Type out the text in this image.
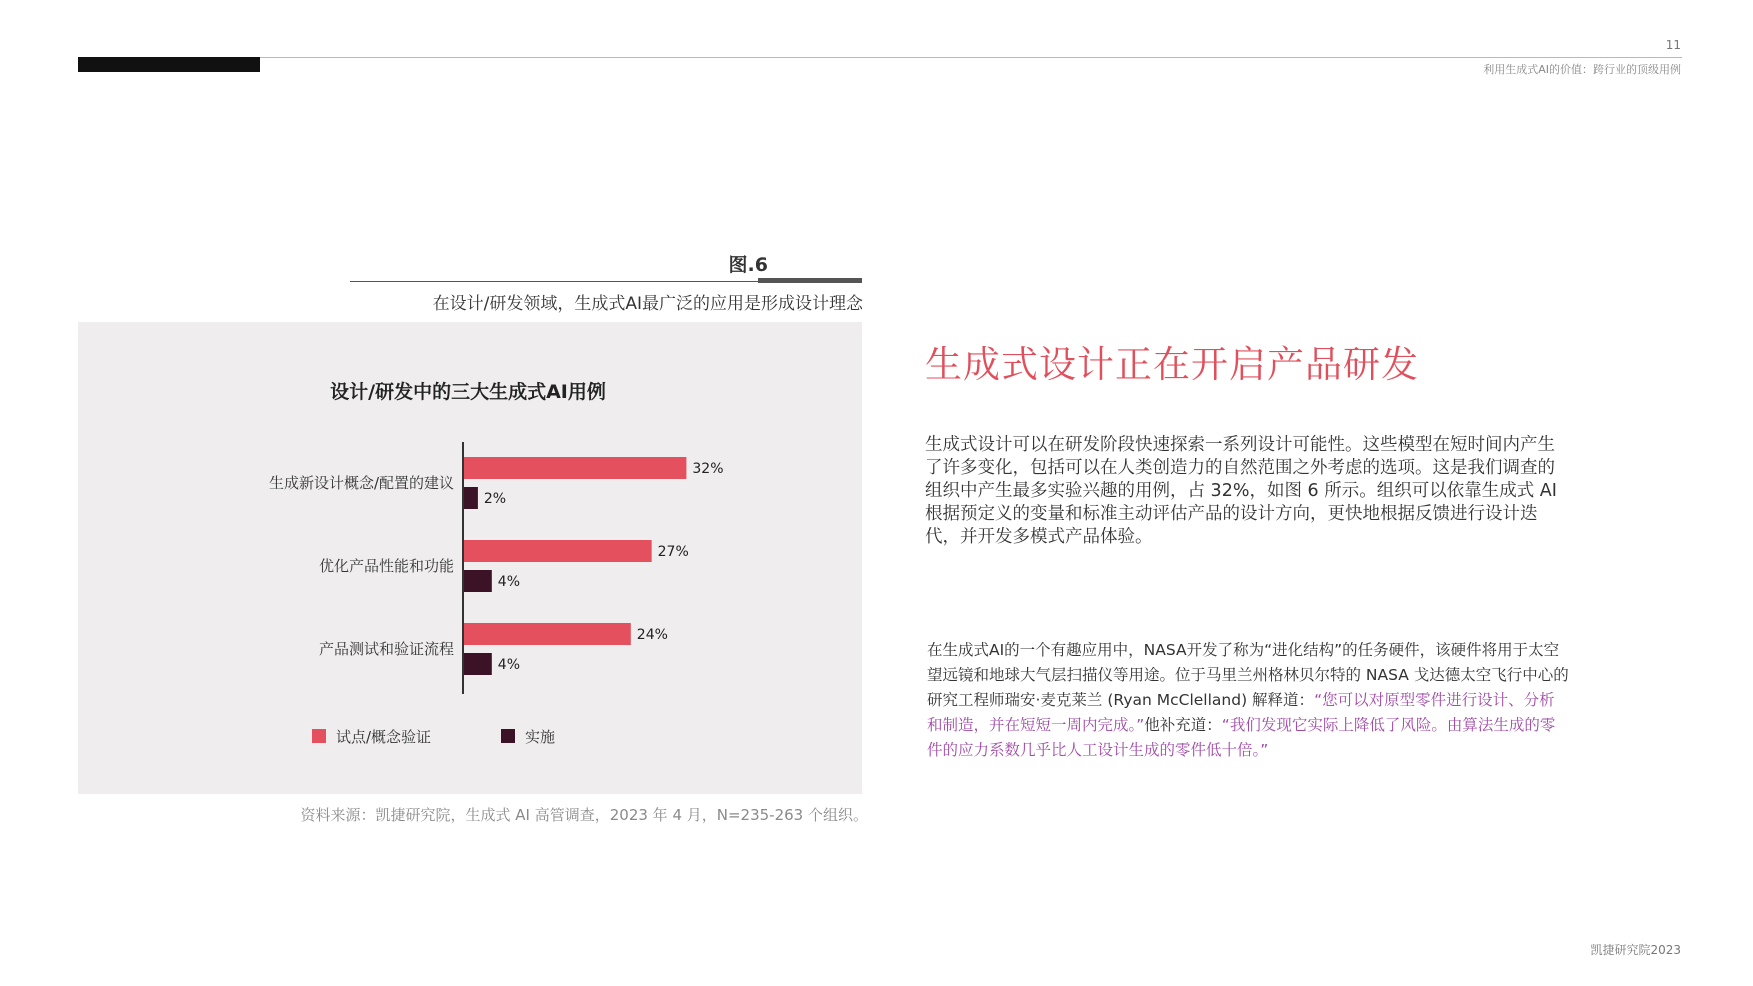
11
利用生成式AI的价值：跨行业的顶级用例
图.6
在设计/研发领域，生成式AI最广泛的应用是形成设计理念
设计/研发中的三大生成式AI用例
生成新设计概念/配置的建议
32%
2%
优化产品性能和功能
27%
4%
产品测试和验证流程
24%
4%
试点/概念验证	实施
资料来源：凯捷研究院，生成式 AI 高管调查，2023 年 4 月，N=235-263 个组织。
生成式设计正在开启产品研发
生成式设计可以在研发阶段快速探索一系列设计可能性。这些模型在短时间内产生了许多变化，包括可以在人类创造力的自然范围之外考虑的选项。这是我们调查的组织中产生最多实验兴趣的用例，占 32%，如图 6 所示。组织可以依靠生成式 AI 根据预定义的变量和标准主动评估产品的设计方向，更快地根据反馈进行设计迭代，并开发多模式产品体验。
在生成式AI的一个有趣应用中，NASA开发了称为“进化结构”的任务硬件，该硬件将用于太空望远镜和地球大气层扫描仪等用途。位于马里兰州格林贝尔特的 NASA 戈达德太空飞行中心的研究工程师瑞安·麦克莱兰 (Ryan McClelland) 解释道：“您可以对原型零件进行设计、分析和制造，并在短短一周内完成。”他补充道：“我们发现它实际上降低了风险。由算法生成的零件的应力系数几乎比人工设计生成的零件低十倍。”
凯捷研究院2023
